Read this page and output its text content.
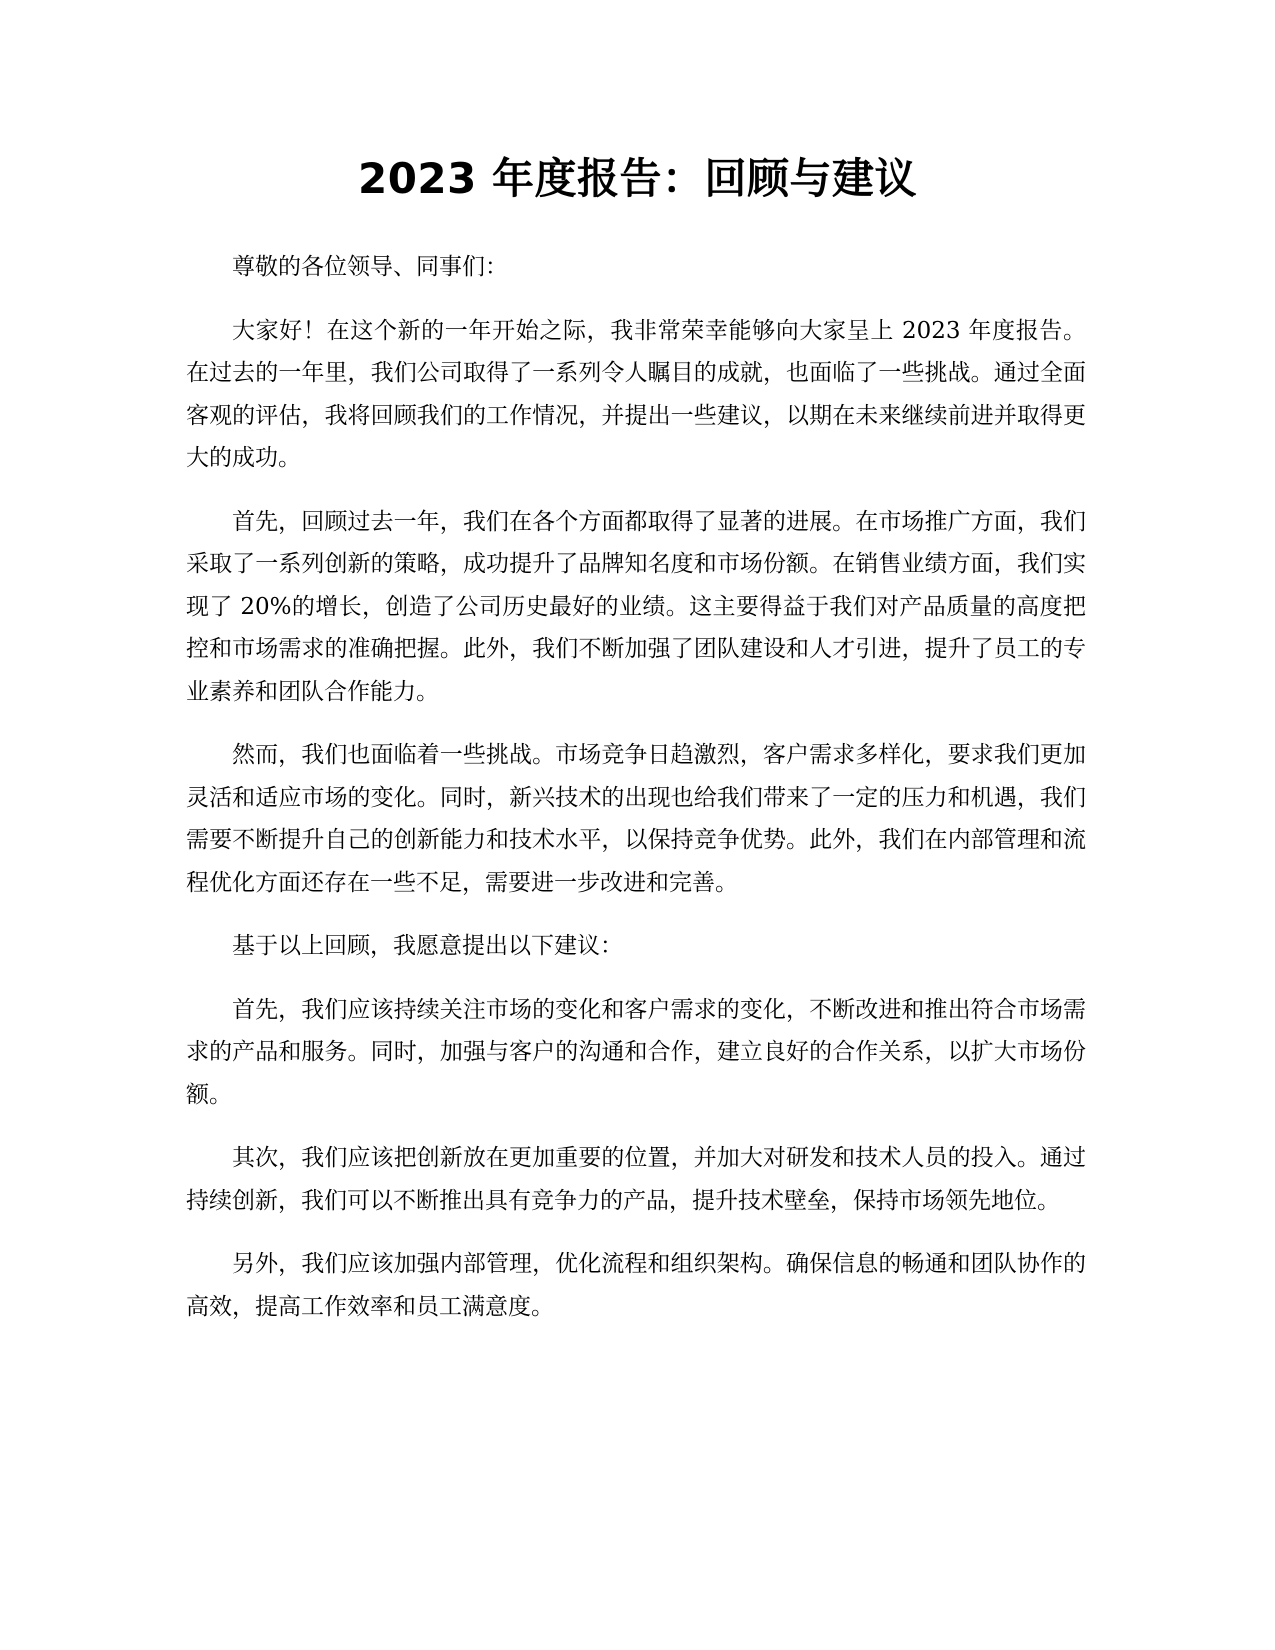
2023 年度报告：回顾与建议

尊敬的各位领导、同事们：

大家好！在这个新的一年开始之际，我非常荣幸能够向大家呈上 2023 年度报告。在过去的一年里，我们公司取得了一系列令人瞩目的成就，也面临了一些挑战。通过全面客观的评估，我将回顾我们的工作情况，并提出一些建议，以期在未来继续前进并取得更大的成功。

首先，回顾过去一年，我们在各个方面都取得了显著的进展。在市场推广方面，我们采取了一系列创新的策略，成功提升了品牌知名度和市场份额。在销售业绩方面，我们实现了 20%的增长，创造了公司历史最好的业绩。这主要得益于我们对产品质量的高度把控和市场需求的准确把握。此外，我们不断加强了团队建设和人才引进，提升了员工的专业素养和团队合作能力。

然而，我们也面临着一些挑战。市场竞争日趋激烈，客户需求多样化，要求我们更加灵活和适应市场的变化。同时，新兴技术的出现也给我们带来了一定的压力和机遇，我们需要不断提升自己的创新能力和技术水平，以保持竞争优势。此外，我们在内部管理和流程优化方面还存在一些不足，需要进一步改进和完善。

基于以上回顾，我愿意提出以下建议：

首先，我们应该持续关注市场的变化和客户需求的变化，不断改进和推出符合市场需求的产品和服务。同时，加强与客户的沟通和合作，建立良好的合作关系，以扩大市场份额。

其次，我们应该把创新放在更加重要的位置，并加大对研发和技术人员的投入。通过持续创新，我们可以不断推出具有竞争力的产品，提升技术壁垒，保持市场领先地位。

另外，我们应该加强内部管理，优化流程和组织架构。确保信息的畅通和团队协作的高效，提高工作效率和员工满意度。
